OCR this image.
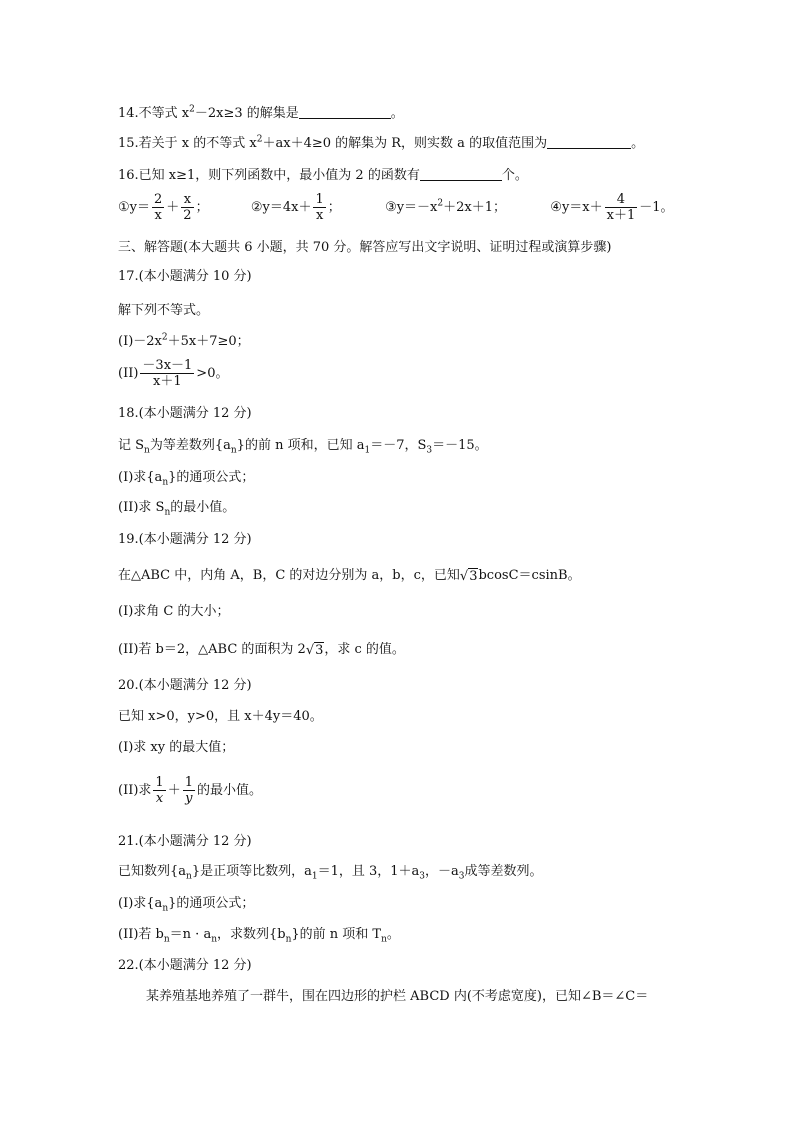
14.不等式 $x^2-2x\ge 3$ 的解集是	。
15.若关于 x 的不等式 $x^2+ax+4\ge 0$ 的解集为 R，则实数 a 的取值范围为	。
16.已知 x≥1，则下列函数中，最小值为 2 的函数有	个。
①y＝ $\frac{2}{x} + \frac{x}{2}$ ；	②y＝4x＋ $\frac{1}{x}$ ；	$③y=-x^2+2x+1$；	④y＝x＋ $\frac{4}{x+1} -1$。
三、解答题(本大题共 6 小题，共 70 分。解答应写出文字说明、证明过程或演算步骤)
17.(本小题满分 10 分)
解下列不等式。
$(I)-2x^2+5x+7\ge 0$；
$(II) \frac{-3x-1}{x+1} >0$。
18.(本小题满分 12 分)
记 $S_n$为等差数列$\{a_n\}$的前 n 项和，已知 $a_1=-7$，$S_3=-15$。
(I)求$\{a_n\}$的通项公式；
(II)求 $S_n$的最小值。
19.(本小题满分 12 分)
在△ABC 中，内角 A，B，C 的对边分别为 a，b，c，已知√3bcosC＝csinB。
(I)求角 C 的大小；
(II)若 b＝2，△ABC 的面积为 2√3，求 c 的值。
20.(本小题满分 12 分)
已知 x>0，y>0，且 x＋4y＝40。
(I)求 xy 的最大值；
(II)求 $\frac{1}{x} + \frac{1}{y}$ 的最小值。
21.(本小题满分 12 分)
已知数列$\{a_n\}$是正项等比数列，$a_1=1$，且 3，$1+a_3$，$-a_3$成等差数列。
(I)求$\{a_n\}$的通项公式；
(II)若 $b_n=n \cdot a_n$，求数列$\{b_n\}$的前 n 项和 $T_n$。
22.(本小题满分 12 分)
某养殖基地养殖了一群牛，围在四边形的护栏 ABCD 内(不考虑宽度)，已知∠B＝∠C＝
